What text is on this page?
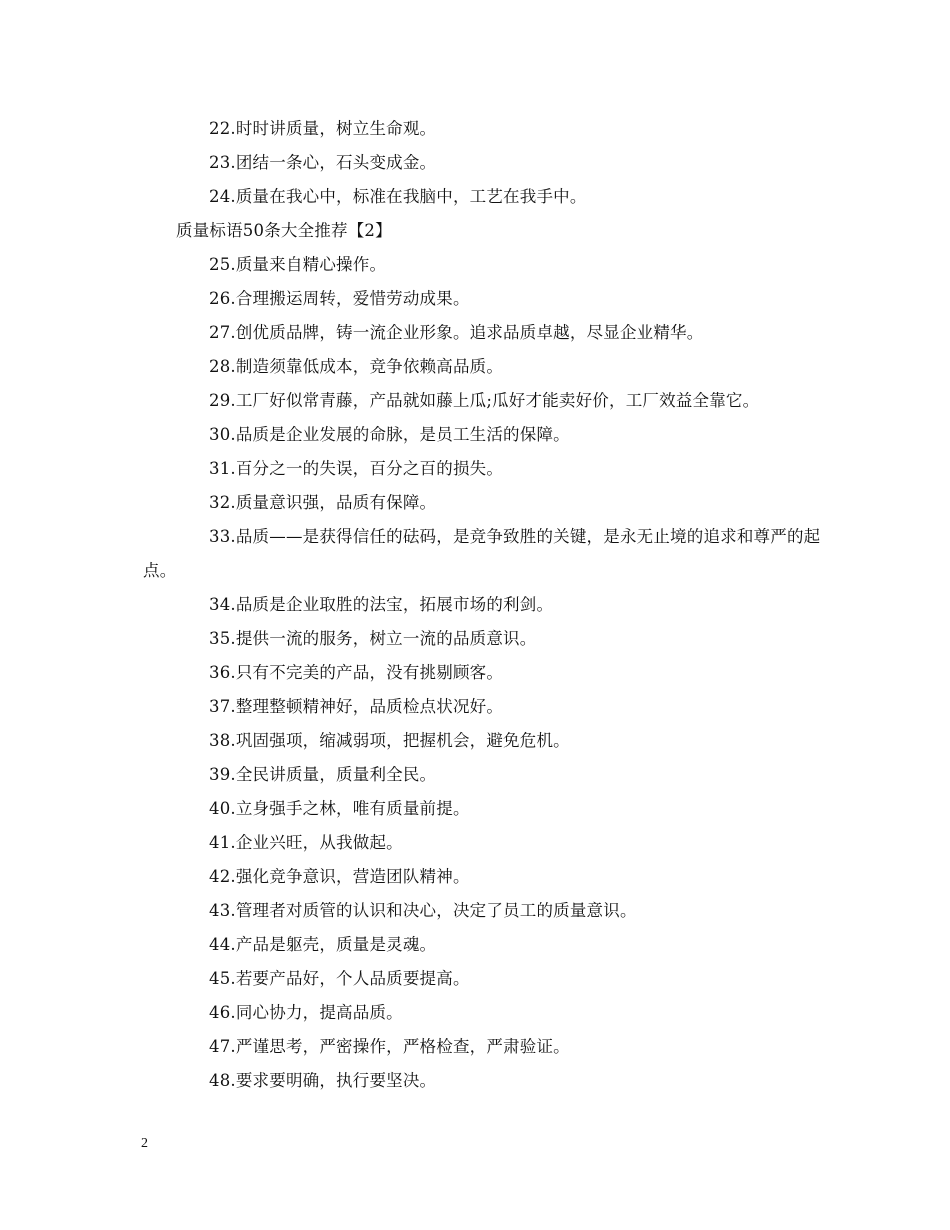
22.时时讲质量，树立生命观。

23.团结一条心，石头变成金。

24.质量在我心中，标准在我脑中，工艺在我手中。

质量标语50条大全推荐【2】

25.质量来自精心操作。

26.合理搬运周转，爱惜劳动成果。

27.创优质品牌，铸一流企业形象。追求品质卓越，尽显企业精华。

28.制造须靠低成本，竞争依赖高品质。

29.工厂好似常青藤，产品就如藤上瓜;瓜好才能卖好价，工厂效益全靠它。

30.品质是企业发展的命脉，是员工生活的保障。

31.百分之一的失误，百分之百的损失。

32.质量意识强，品质有保障。

33.品质——是获得信任的砝码，是竞争致胜的关键，是永无止境的追求和尊严的起点。

34.品质是企业取胜的法宝，拓展市场的利剑。

35.提供一流的服务，树立一流的品质意识。

36.只有不完美的产品，没有挑剔顾客。

37.整理整顿精神好，品质检点状况好。

38.巩固强项，缩减弱项，把握机会，避免危机。

39.全民讲质量，质量利全民。

40.立身强手之林，唯有质量前提。

41.企业兴旺，从我做起。

42.强化竞争意识，营造团队精神。

43.管理者对质管的认识和决心，决定了员工的质量意识。

44.产品是躯壳，质量是灵魂。

45.若要产品好，个人品质要提高。

46.同心协力，提高品质。

47.严谨思考，严密操作，严格检查，严肃验证。

48.要求要明确，执行要坚决。

2
